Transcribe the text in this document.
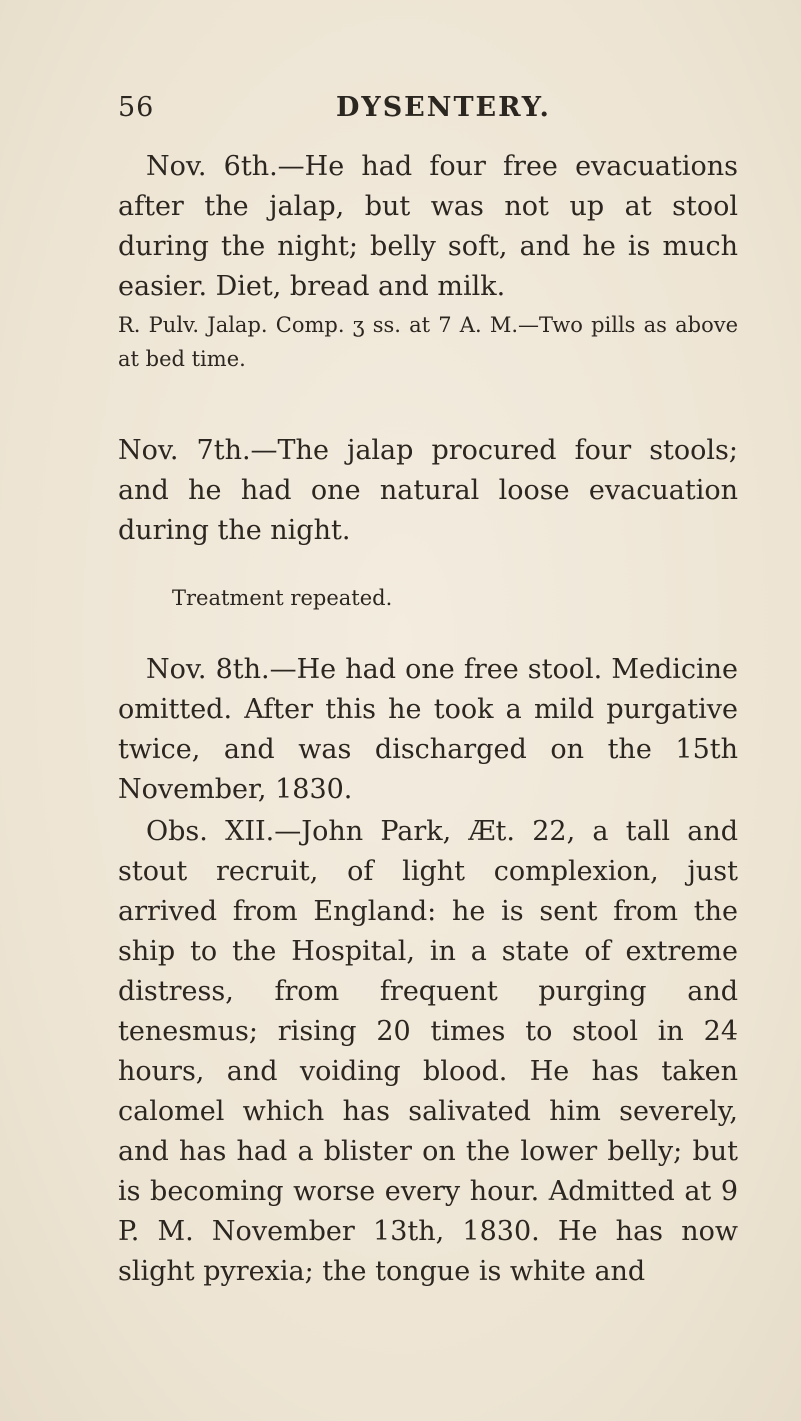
56	DYSENTERY.

Nov. 6th.—He had four free evacuations after the jalap, but was not up at stool during the night; belly soft, and he is much easier. Diet, bread and milk.

R. Pulv. Jalap. Comp. ʒ ss. at 7 A. M.—Two pills as above at bed time.

Nov. 7th.—The jalap procured four stools; and he had one natural loose evacuation during the night.

Treatment repeated.

Nov. 8th.—He had one free stool. Medicine omitted. After this he took a mild purgative twice, and was discharged on the 15th November, 1830.

Obs. XII.—John Park, Æt. 22, a tall and stout recruit, of light complexion, just arrived from England: he is sent from the ship to the Hospital, in a state of extreme distress, from frequent purging and tenesmus; rising 20 times to stool in 24 hours, and voiding blood. He has taken calomel which has salivated him severely, and has had a blister on the lower belly; but is becoming worse every hour. Admitted at 9 P. M. November 13th, 1830. He has now slight pyrexia; the tongue is white and
